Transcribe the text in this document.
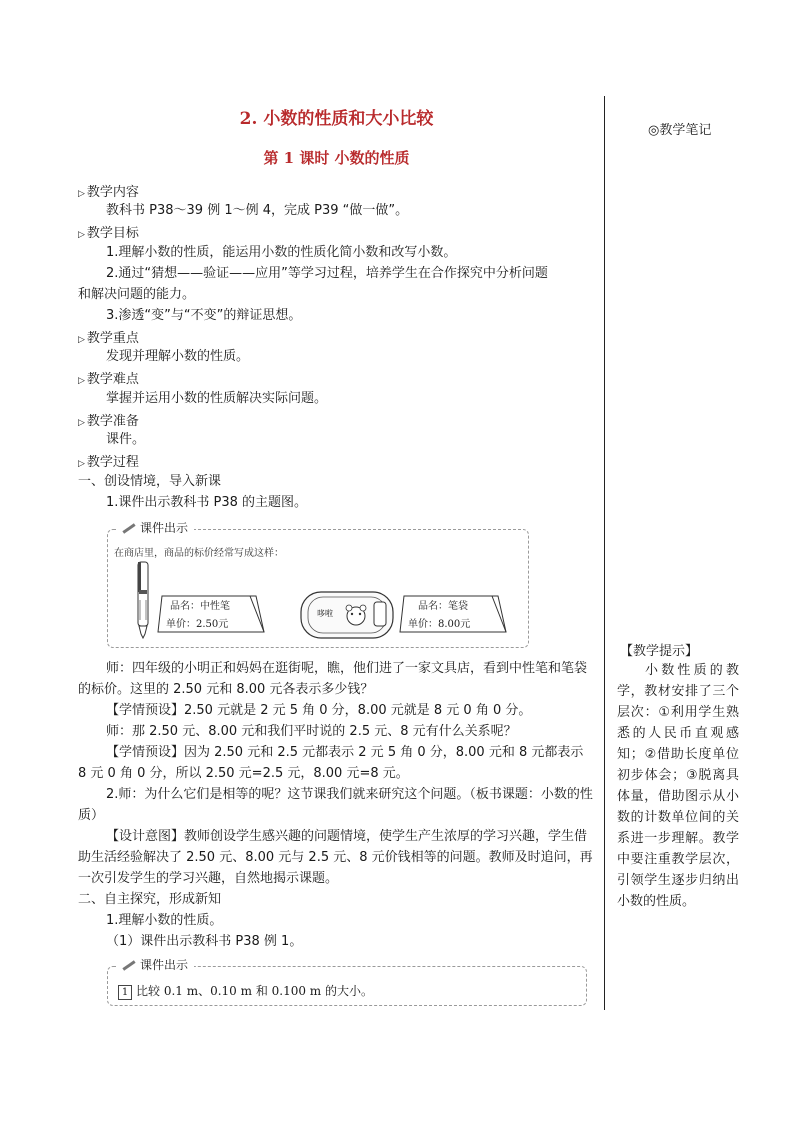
2. 小数的性质和大小比较
第 1 课时 小数的性质
▷ 教学内容
教科书 P38～39 例 1～例 4，完成 P39 “做一做”。
▷ 教学目标
1.理解小数的性质，能运用小数的性质化简小数和改写小数。
2.通过“猜想——验证——应用”等学习过程，培养学生在合作探究中分析问题
和解决问题的能力。
3.渗透“变”与“不变”的辩证思想。
▷ 教学重点
发现并理解小数的性质。
▷ 教学难点
掌握并运用小数的性质解决实际问题。
▷ 教学准备
课件。
▷ 教学过程
一、创设情境，导入新课
1.课件出示教科书 P38 的主题图。
师：四年级的小明正和妈妈在逛街呢，瞧，他们进了一家文具店，看到中性笔和笔袋的标价。这里的 2.50 元和 8.00 元各表示多少钱？
【学情预设】2.50 元就是 2 元 5 角 0 分，8.00 元就是 8 元 0 角 0 分。
师：那 2.50 元、8.00 元和我们平时说的 2.5 元、8 元有什么关系呢？
【学情预设】因为 2.50 元和 2.5 元都表示 2 元 5 角 0 分，8.00 元和 8 元都表示 8 元 0 角 0 分，所以 2.50 元=2.5 元，8.00 元=8 元。
2.师：为什么它们是相等的呢？这节课我们就来研究这个问题。（板书课题：小数的性质）
【设计意图】教师创设学生感兴趣的问题情境，使学生产生浓厚的学习兴趣，学生借助生活经验解决了 2.50 元、8.00 元与 2.5 元、8 元价钱相等的问题。教师及时追问，再一次引发学生的学习兴趣，自然地揭示课题。
二、自主探究，形成新知
1.理解小数的性质。
（1）课件出示教科书 P38 例 1。
课件出示
在商店里，商品的标价经常写成这样：
品名：中性笔
单价：2.50元
哆啦
品名：笔袋
单价：8.00元
课件出示
1 比较 0.1 m、0.10 m 和 0.100 m 的大小。
◎教学笔记
【教学提示】
小数性质的教学，教材安排了三个层次：①利用学生熟悉的人民币直观感知；②借助长度单位初步体会；③脱离具体量，借助图示从小数的计数单位间的关系进一步理解。教学中要注重教学层次，引领学生逐步归纳出小数的性质。
